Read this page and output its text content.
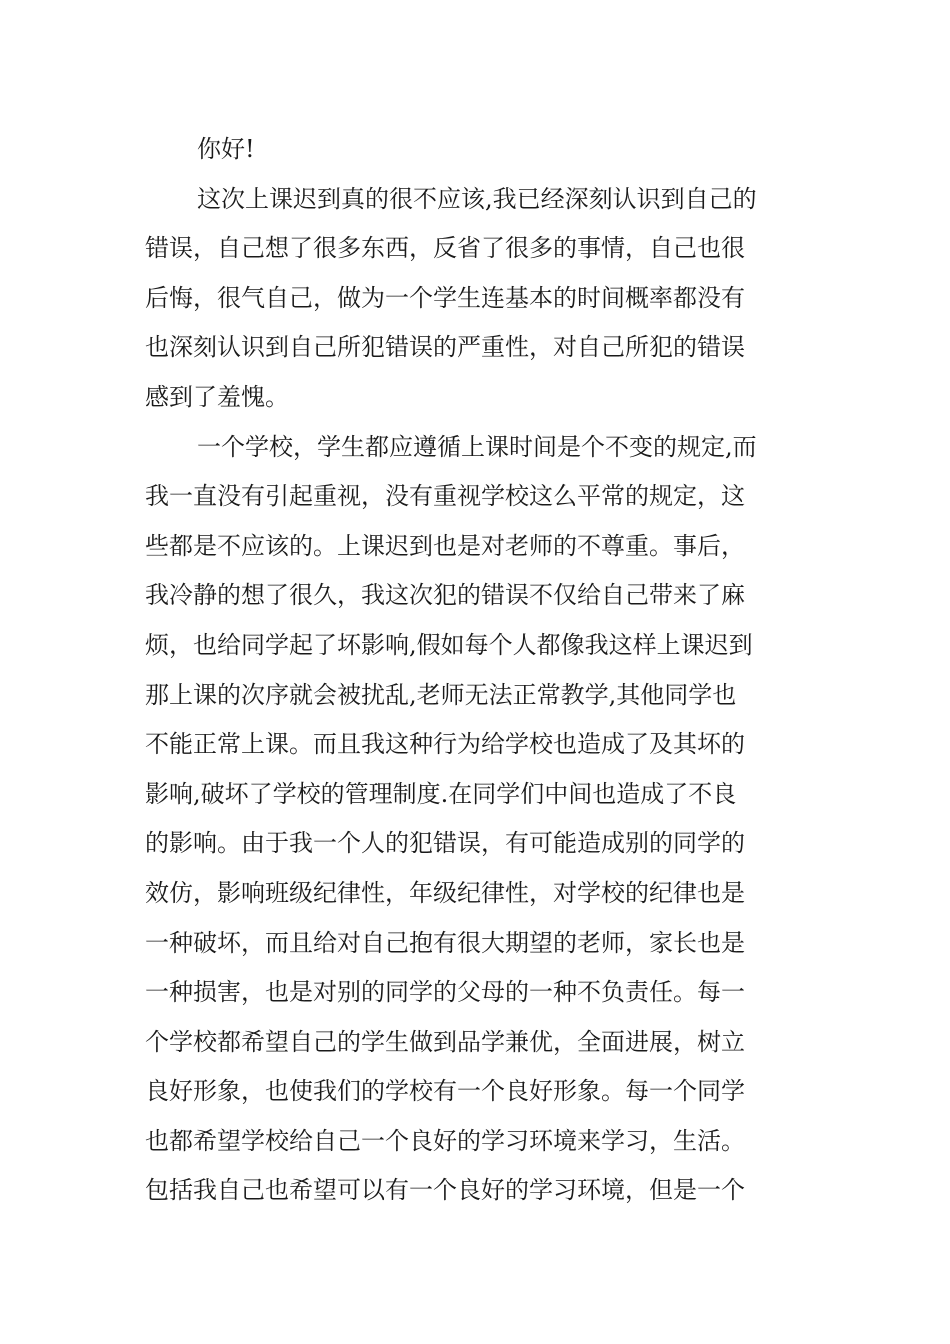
你好!
这次上课迟到真的很不应该,我已经深刻认识到自己的
错误，自己想了很多东西，反省了很多的事情，自己也很
后悔，很气自己，做为一个学生连基本的时间概率都没有
也深刻认识到自己所犯错误的严重性，对自己所犯的错误
感到了羞愧。
一个学校，学生都应遵循上课时间是个不变的规定,而
我一直没有引起重视，没有重视学校这么平常的规定，这
些都是不应该的。上课迟到也是对老师的不尊重。事后，
我冷静的想了很久，我这次犯的错误不仅给自己带来了麻
烦，也给同学起了坏影响,假如每个人都像我这样上课迟到
那上课的次序就会被扰乱,老师无法正常教学,其他同学也
不能正常上课。而且我这种行为给学校也造成了及其坏的
影响,破坏了学校的管理制度.在同学们中间也造成了不良
的影响。由于我一个人的犯错误，有可能造成别的同学的
效仿，影响班级纪律性，年级纪律性，对学校的纪律也是
一种破坏，而且给对自己抱有很大期望的老师，家长也是
一种损害，也是对别的同学的父母的一种不负责任。每一
个学校都希望自己的学生做到品学兼优，全面进展，树立
良好形象，也使我们的学校有一个良好形象。每一个同学
也都希望学校给自己一个良好的学习环境来学习，生活。
包括我自己也希望可以有一个良好的学习环境，但是一个
